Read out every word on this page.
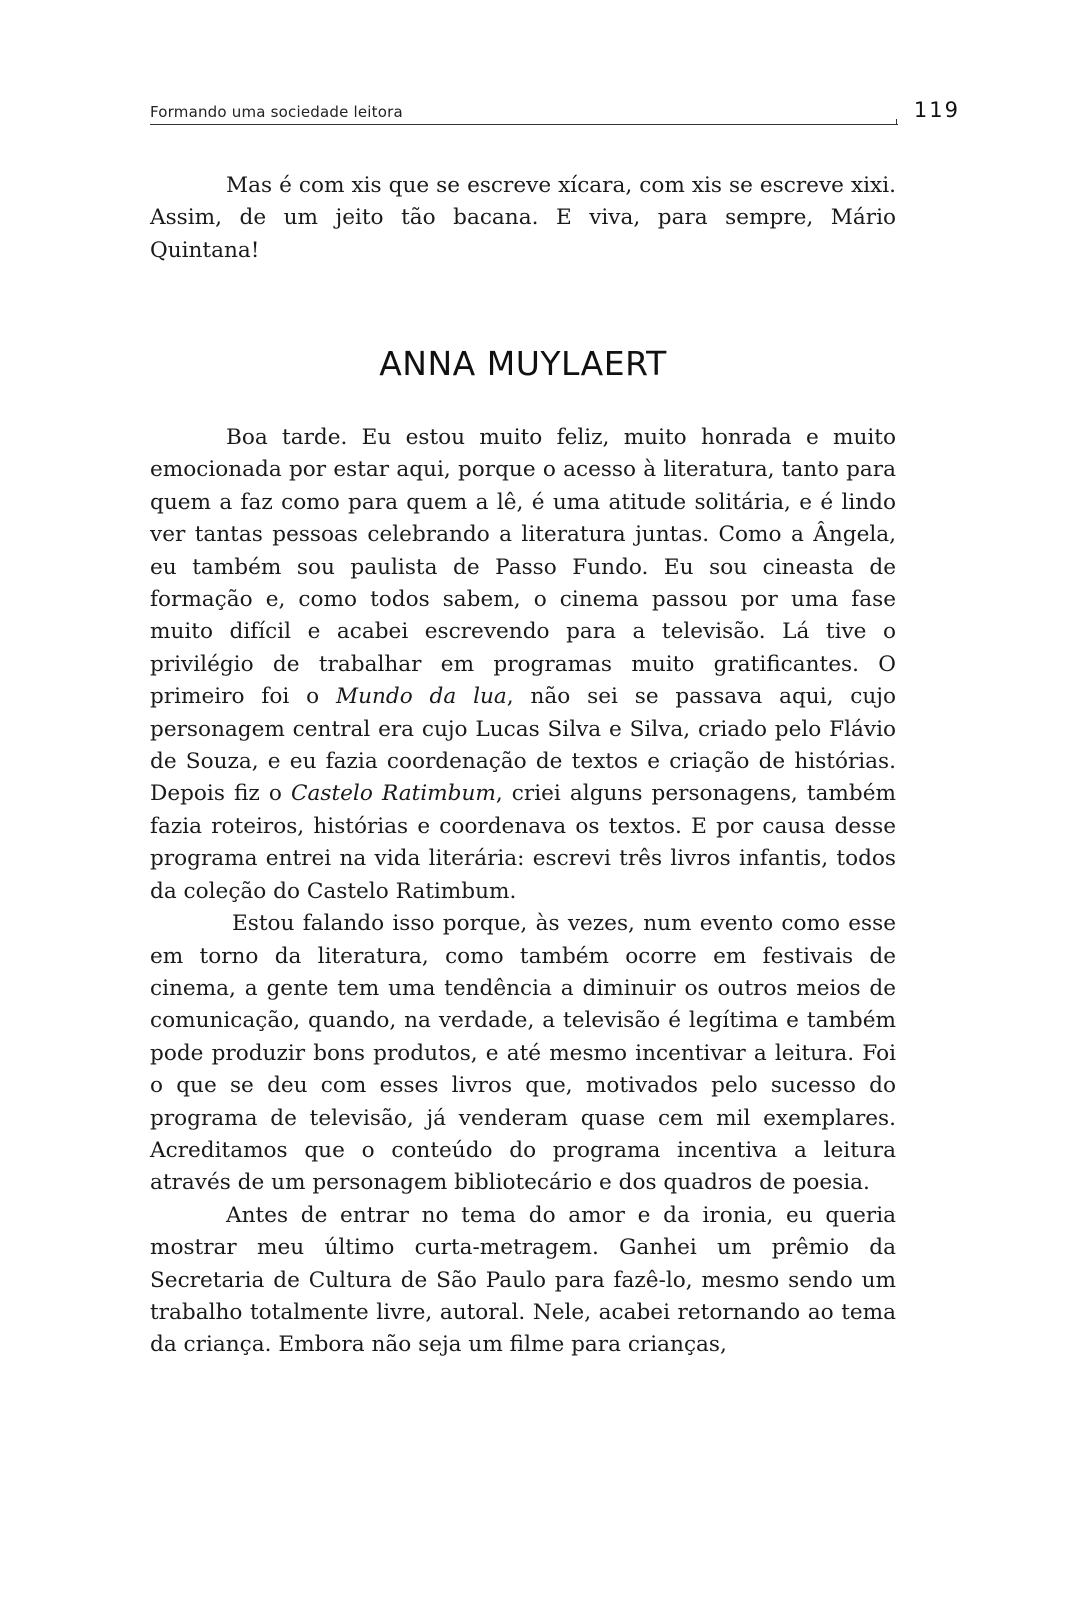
Formando uma sociedade leitora	119

Mas é com xis que se escreve xícara, com xis se escreve xixi. Assim, de um jeito tão bacana. E viva, para sempre, Mário Quintana!

ANNA MUYLAERT

Boa tarde. Eu estou muito feliz, muito honrada e muito emocionada por estar aqui, porque o acesso à literatura, tanto para quem a faz como para quem a lê, é uma atitude solitária, e é lindo ver tantas pessoas celebrando a literatura juntas. Como a Ângela, eu também sou paulista de Passo Fundo. Eu sou cineasta de formação e, como todos sabem, o cinema passou por uma fase muito difícil e acabei escrevendo para a televisão. Lá tive o privilégio de trabalhar em programas muito gratificantes. O primeiro foi o Mundo da lua, não sei se passava aqui, cujo personagem central era cujo Lucas Silva e Silva, criado pelo Flávio de Souza, e eu fazia coordenação de textos e criação de histórias. Depois fiz o Castelo Ratimbum, criei alguns personagens, também fazia roteiros, histórias e coordenava os textos. E por causa desse programa entrei na vida literária: escrevi três livros infantis, todos da coleção do Castelo Ratimbum.

Estou falando isso porque, às vezes, num evento como esse em torno da literatura, como também ocorre em festivais de cinema, a gente tem uma tendência a diminuir os outros meios de comunicação, quando, na verdade, a televisão é legítima e também pode produzir bons produtos, e até mesmo incentivar a leitura. Foi o que se deu com esses livros que, motivados pelo sucesso do programa de televisão, já venderam quase cem mil exemplares. Acreditamos que o conteúdo do programa incentiva a leitura através de um personagem bibliotecário e dos quadros de poesia.

Antes de entrar no tema do amor e da ironia, eu queria mostrar meu último curta-metragem. Ganhei um prêmio da Secretaria de Cultura de São Paulo para fazê-lo, mesmo sendo um trabalho totalmente livre, autoral. Nele, acabei retornando ao tema da criança. Embora não seja um filme para crianças,
